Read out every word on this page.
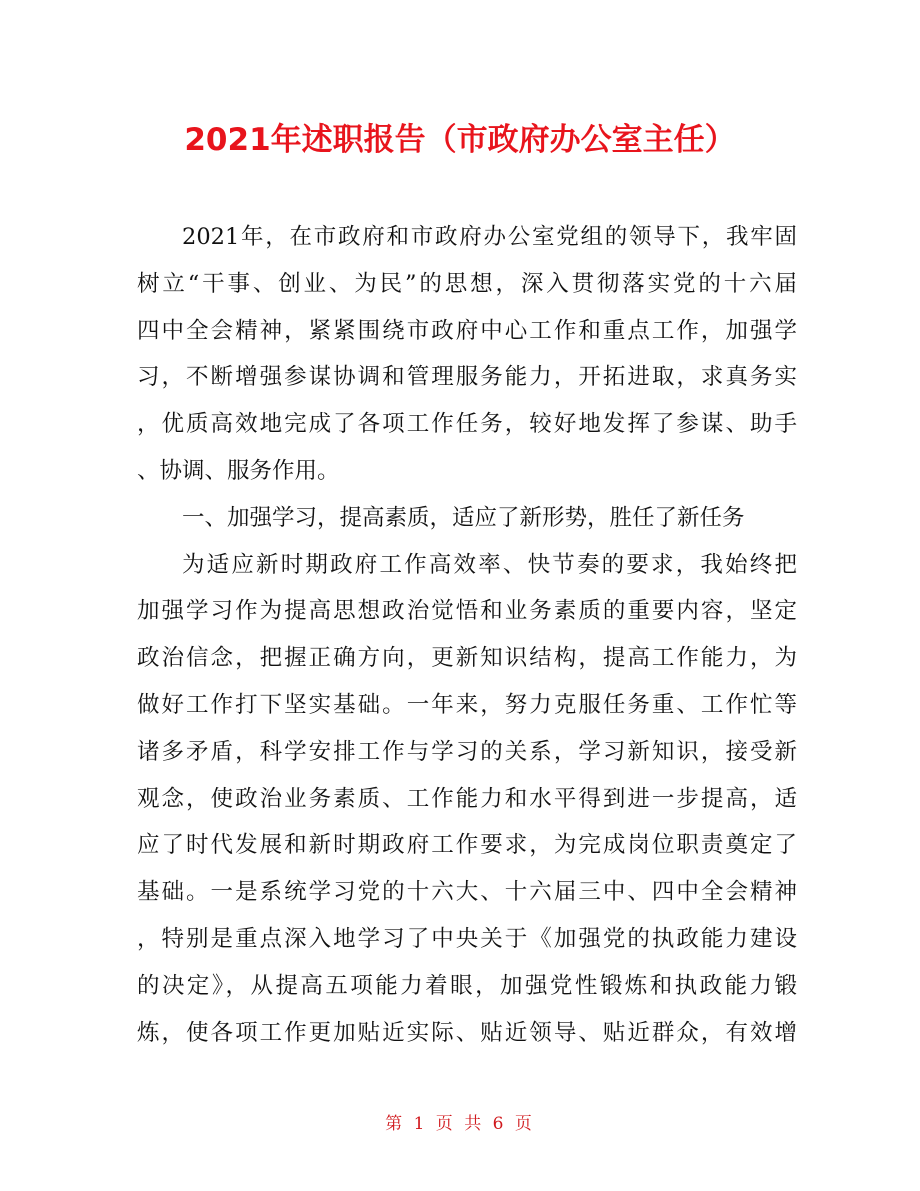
2021年述职报告（市政府办公室主任）
2021年，在市政府和市政府办公室党组的领导下，我牢固
树立“干事、创业、为民”的思想，深入贯彻落实党的十六届
四中全会精神，紧紧围绕市政府中心工作和重点工作，加强学
习，不断增强参谋协调和管理服务能力，开拓进取，求真务实
，优质高效地完成了各项工作任务，较好地发挥了参谋、助手
、协调、服务作用。
一、加强学习，提高素质，适应了新形势，胜任了新任务
为适应新时期政府工作高效率、快节奏的要求，我始终把
加强学习作为提高思想政治觉悟和业务素质的重要内容，坚定
政治信念，把握正确方向，更新知识结构，提高工作能力，为
做好工作打下坚实基础。一年来，努力克服任务重、工作忙等
诸多矛盾，科学安排工作与学习的关系，学习新知识，接受新
观念，使政治业务素质、工作能力和水平得到进一步提高，适
应了时代发展和新时期政府工作要求，为完成岗位职责奠定了
基础。一是系统学习党的十六大、十六届三中、四中全会精神
，特别是重点深入地学习了中央关于《加强党的执政能力建设
的决定》，从提高五项能力着眼，加强党性锻炼和执政能力锻
炼，使各项工作更加贴近实际、贴近领导、贴近群众，有效增
第 1 页 共 6 页
